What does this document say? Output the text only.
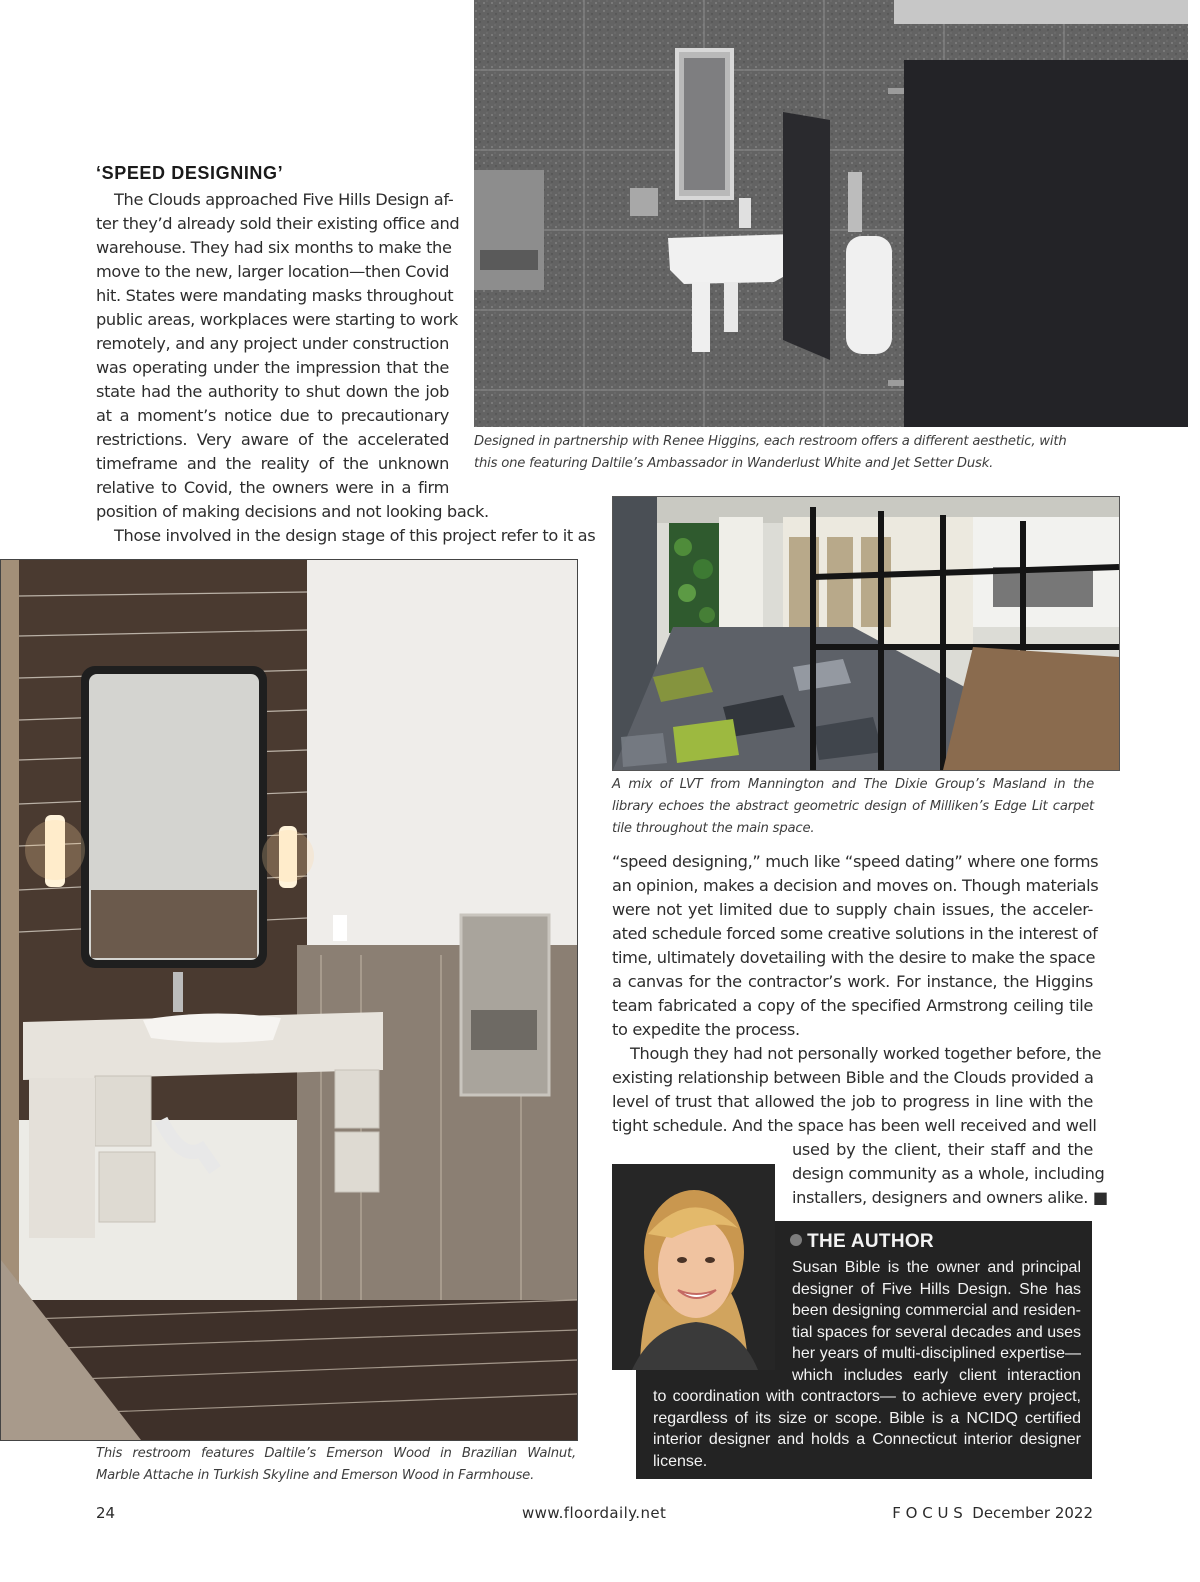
Designed in partnership with Renee Higgins, each restroom offers a different aesthetic, with
this one featuring Daltile’s Ambassador in Wanderlust White and Jet Setter Dusk.

‘SPEED DESIGNING’

The Clouds approached Five Hills Design af-
ter they’d already sold their existing office and
warehouse. They had six months to make the
move to the new, larger location—then Covid
hit. States were mandating masks throughout
public areas, workplaces were starting to work
remotely, and any project under construction
was operating under the impression that the
state had the authority to shut down the job
at a moment’s notice due to precautionary
restrictions. Very aware of the accelerated
timeframe and the reality of the unknown
relative to Covid, the owners were in a firm

position of making decisions and not looking back.
Those involved in the design stage of this project refer to it as

A mix of LVT from Mannington and The Dixie Group’s Masland in the
library echoes the abstract geometric design of Milliken’s Edge Lit carpet
tile throughout the main space.

“speed designing,” much like “speed dating” where one forms
an opinion, makes a decision and moves on. Though materials
were not yet limited due to supply chain issues, the acceler-
ated schedule forced some creative solutions in the interest of
time, ultimately dovetailing with the desire to make the space
a canvas for the contractor’s work. For instance, the Higgins
team fabricated a copy of the specified Armstrong ceiling tile
to expedite the process.
Though they had not personally worked together before, the
existing relationship between Bible and the Clouds provided a
level of trust that allowed the job to progress in line with the
tight schedule. And the space has been well received and well

used by the client, their staff and the
design community as a whole, including
installers, designers and owners alike. ■

This restroom features Daltile’s Emerson Wood in Brazilian Walnut,
Marble Attache in Turkish Skyline and Emerson Wood in Farmhouse.

THE AUTHOR
Susan Bible is the owner and principal
designer of Five Hills Design. She has
been designing commercial and residen-
tial spaces for several decades and uses
her years of multi-disciplined expertise—
which includes early client interaction
to coordination with contractors— to achieve every project,
regardless of its size or scope. Bible is a NCIDQ certified
interior designer and holds a Connecticut interior designer
license.
24	www.floordaily.net	F O C U S  December 2022
